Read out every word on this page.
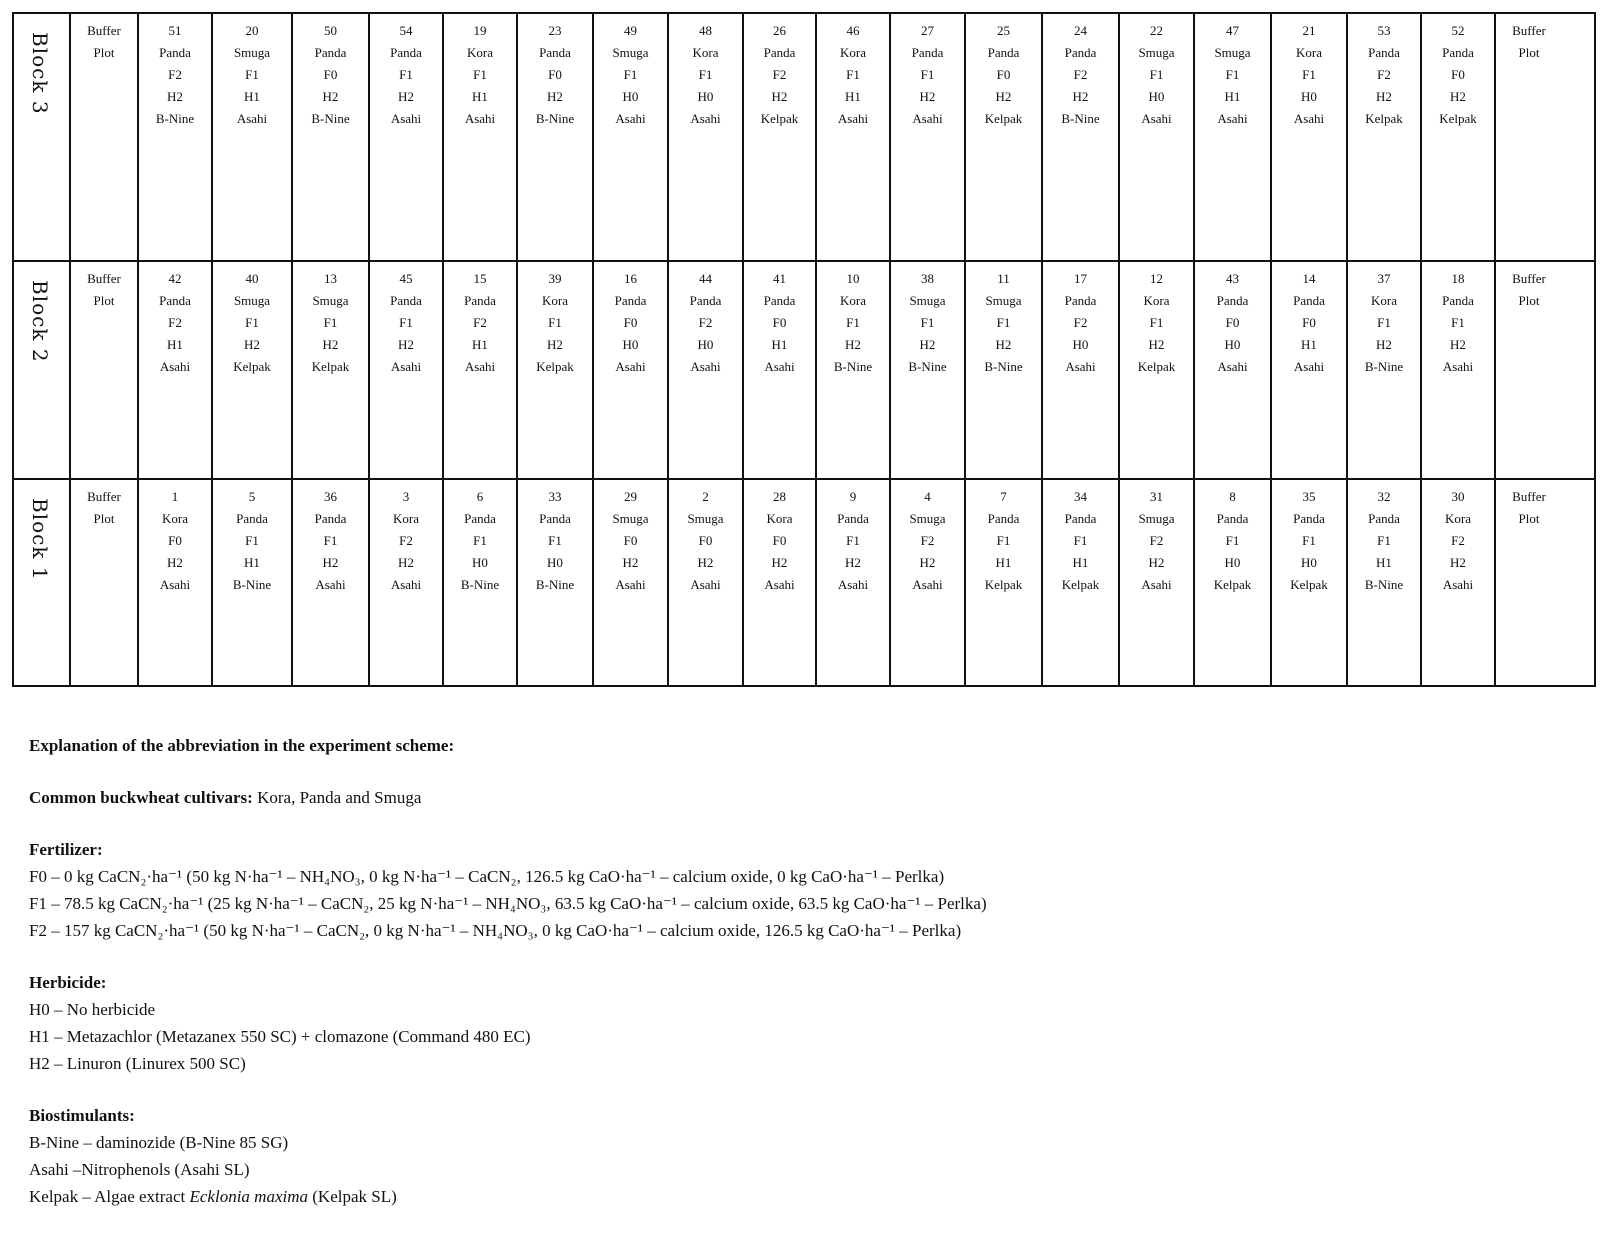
Block 3
Buffer
Plot
51
Panda
F2
H2
B-Nine
20
Smuga
F1
H1
Asahi
50
Panda
F0
H2
B-Nine
54
Panda
F1
H2
Asahi
19
Kora
F1
H1
Asahi
23
Panda
F0
H2
B-Nine
49
Smuga
F1
H0
Asahi
48
Kora
F1
H0
Asahi
26
Panda
F2
H2
Kelpak
46
Kora
F1
H1
Asahi
27
Panda
F1
H2
Asahi
25
Panda
F0
H2
Kelpak
24
Panda
F2
H2
B-Nine
22
Smuga
F1
H0
Asahi
47
Smuga
F1
H1
Asahi
21
Kora
F1
H0
Asahi
53
Panda
F2
H2
Kelpak
52
Panda
F0
H2
Kelpak
Buffer
Plot
Block 2
Buffer
Plot
42
Panda
F2
H1
Asahi
40
Smuga
F1
H2
Kelpak
13
Smuga
F1
H2
Kelpak
45
Panda
F1
H2
Asahi
15
Panda
F2
H1
Asahi
39
Kora
F1
H2
Kelpak
16
Panda
F0
H0
Asahi
44
Panda
F2
H0
Asahi
41
Panda
F0
H1
Asahi
10
Kora
F1
H2
B-Nine
38
Smuga
F1
H2
B-Nine
11
Smuga
F1
H2
B-Nine
17
Panda
F2
H0
Asahi
12
Kora
F1
H2
Kelpak
43
Panda
F0
H0
Asahi
14
Panda
F0
H1
Asahi
37
Kora
F1
H2
B-Nine
18
Panda
F1
H2
Asahi
Buffer
Plot
Block 1
Buffer
Plot
1
Kora
F0
H2
Asahi
5
Panda
F1
H1
B-Nine
36
Panda
F1
H2
Asahi
3
Kora
F2
H2
Asahi
6
Panda
F1
H0
B-Nine
33
Panda
F1
H0
B-Nine
29
Smuga
F0
H2
Asahi
2
Smuga
F0
H2
Asahi
28
Kora
F0
H2
Asahi
9
Panda
F1
H2
Asahi
4
Smuga
F2
H2
Asahi
7
Panda
F1
H1
Kelpak
34
Panda
F1
H1
Kelpak
31
Smuga
F2
H2
Asahi
8
Panda
F1
H0
Kelpak
35
Panda
F1
H0
Kelpak
32
Panda
F1
H1
B-Nine
30
Kora
F2
H2
Asahi
Buffer
Plot

Explanation of the abbreviation in the experiment scheme:

Common buckwheat cultivars: Kora, Panda and Smuga

Fertilizer:

F0 – 0 kg CaCN₂·ha⁻¹ (50 kg N·ha⁻¹ – NH₄NO₃, 0 kg N·ha⁻¹ – CaCN₂, 126.5 kg CaO·ha⁻¹ – calcium oxide, 0 kg CaO·ha⁻¹ – Perlka)

F1 – 78.5 kg CaCN₂·ha⁻¹ (25 kg N·ha⁻¹ – CaCN₂, 25 kg N·ha⁻¹ – NH₄NO₃, 63.5 kg CaO·ha⁻¹ – calcium oxide, 63.5 kg CaO·ha⁻¹ – Perlka)

F2 – 157 kg CaCN₂·ha⁻¹ (50 kg N·ha⁻¹ – CaCN₂, 0 kg N·ha⁻¹ – NH₄NO₃, 0 kg CaO·ha⁻¹ – calcium oxide, 126.5 kg CaO·ha⁻¹ – Perlka)

Herbicide:

H0 – No herbicide

H1 – Metazachlor (Metazanex 550 SC) + clomazone (Command 480 EC)

H2 – Linuron (Linurex 500 SC)

Biostimulants:

B-Nine – daminozide (B-Nine 85 SG)

Asahi –Nitrophenols (Asahi SL)

Kelpak – Algae extract Ecklonia maxima (Kelpak SL)
